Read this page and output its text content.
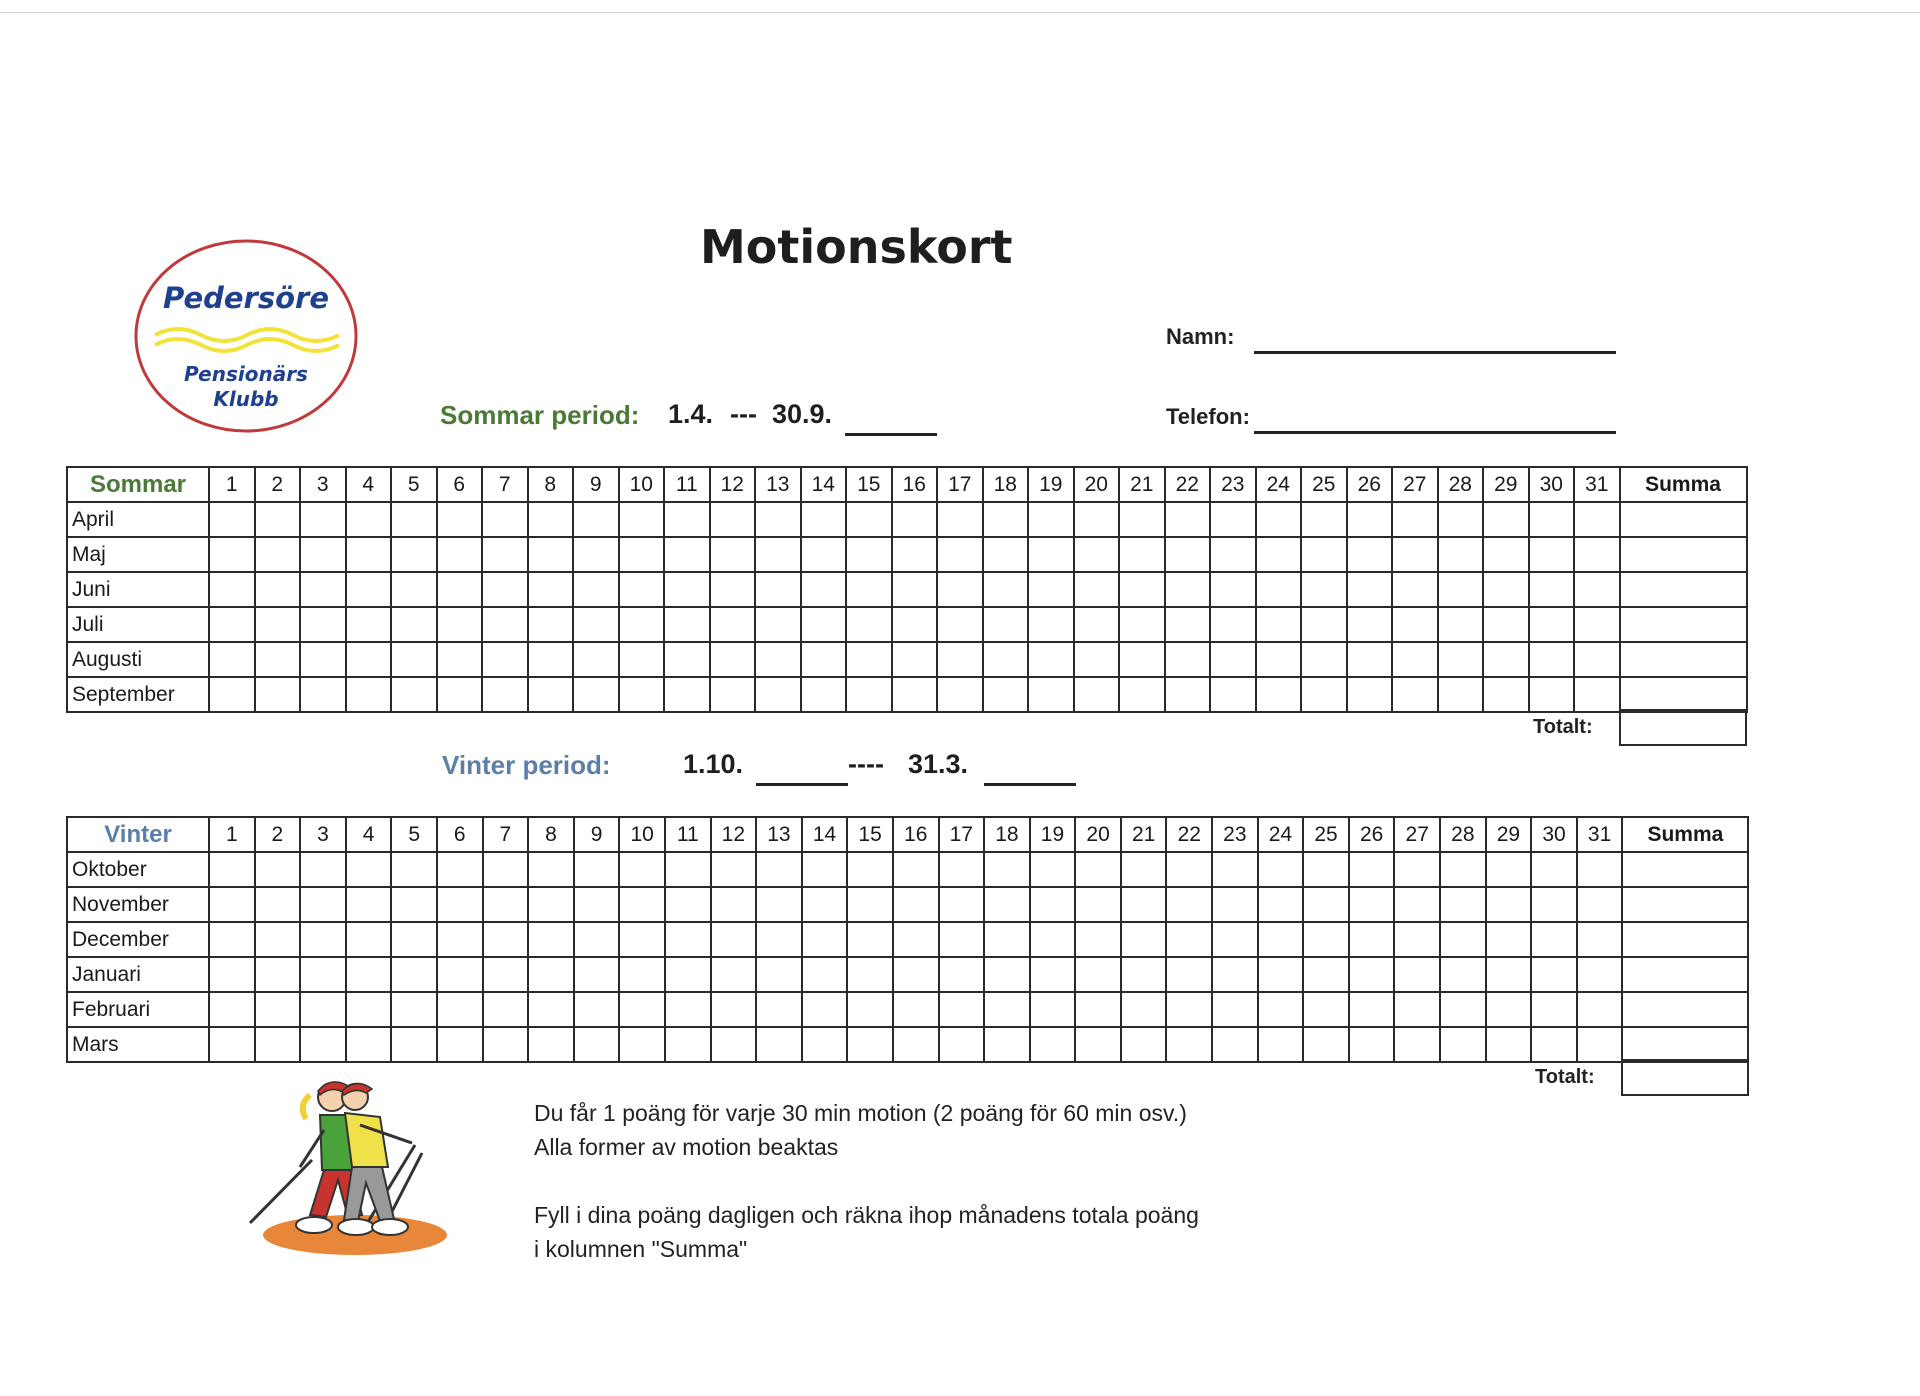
Motionskort
Pedersöre
Pensionärs
Klubb
Namn:
Telefon:
Sommar period: 1.4. --- 30.9.
Sommar	1	2	3	4	5	6	7	8	9	10	11	12	13	14	15	16	17	18	19	20	21	22	23	24	25	26	27	28	29	30	31	Summa
April																																
Maj																																
Juni																																
Juli																																
Augusti																																
September																																
Totalt:
Vinter period:	1.10.	---- 31.3.
Vinter	1	2	3	4	5	6	7	8	9	10	11	12	13	14	15	16	17	18	19	20	21	22	23	24	25	26	27	28	29	30	31	Summa
Oktober																																
November																																
December																																
Januari																																
Februari																																
Mars																																
Totalt:
Du får 1 poäng för varje 30 min motion (2 poäng för 60 min osv.)
Alla former av motion beaktas
Fyll i dina poäng dagligen och räkna ihop månadens totala poäng
i kolumnen "Summa"
